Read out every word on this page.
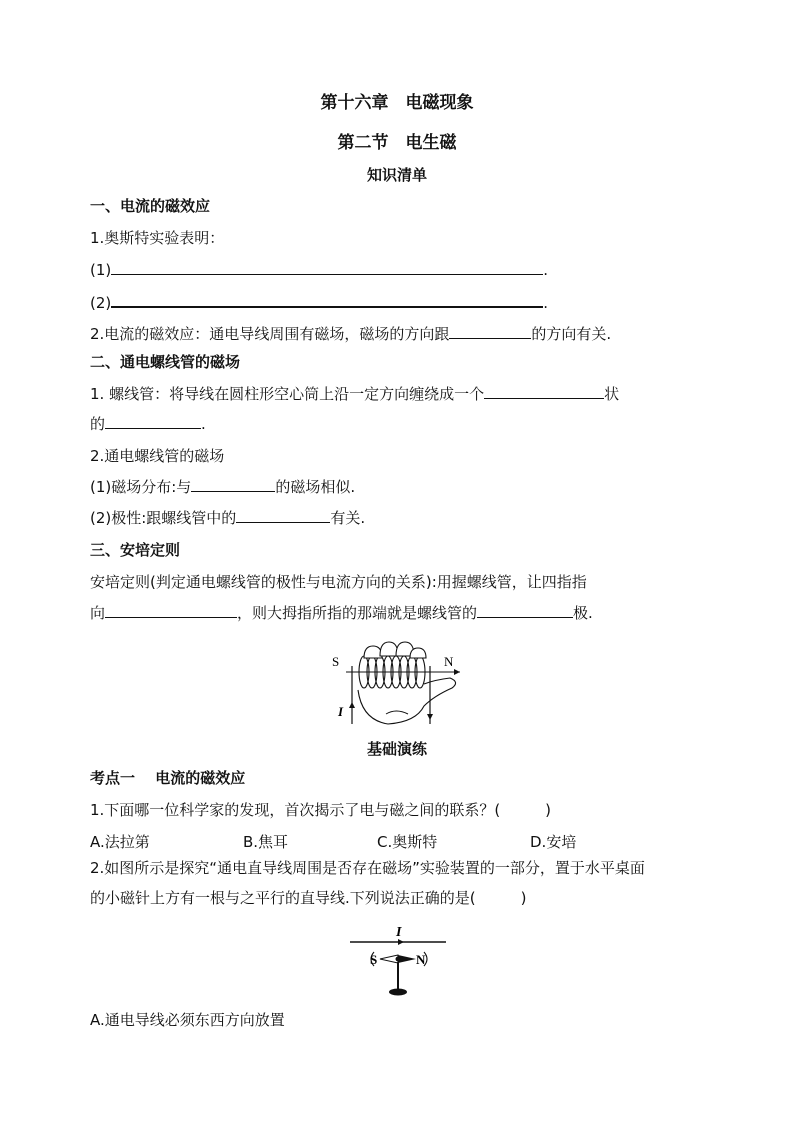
第十六章　电磁现象
第二节　电生磁
知识清单
一、电流的磁效应
1.奥斯特实验表明：
(1)	.
(2)	.
2.电流的磁效应：通电导线周围有磁场，磁场的方向跟	的方向有关.
二、通电螺线管的磁场
1. 螺线管：将导线在圆柱形空心筒上沿一定方向缠绕成一个	状
的	.
2.通电螺线管的磁场
(1)磁场分布:与	的磁场相似.
(2)极性:跟螺线管中的	有关.
三、安培定则
安培定则(判定通电螺线管的极性与电流方向的关系):用握螺线管，让四指指
向	，则大拇指所指的那端就是螺线管的	极.
S	N
I
基础演练
考点一　 电流的磁效应
1.下面哪一位科学家的发现，首次揭示了电与磁之间的联系？(　　　)
A.法拉第	B.焦耳	C.奥斯特	D.安培
2.如图所示是探究“通电直导线周围是否存在磁场”实验装置的一部分，置于水平桌面
的小磁针上方有一根与之平行的直导线.下列说法正确的是(　　　)
I
S	N
A.通电导线必须东西方向放置
